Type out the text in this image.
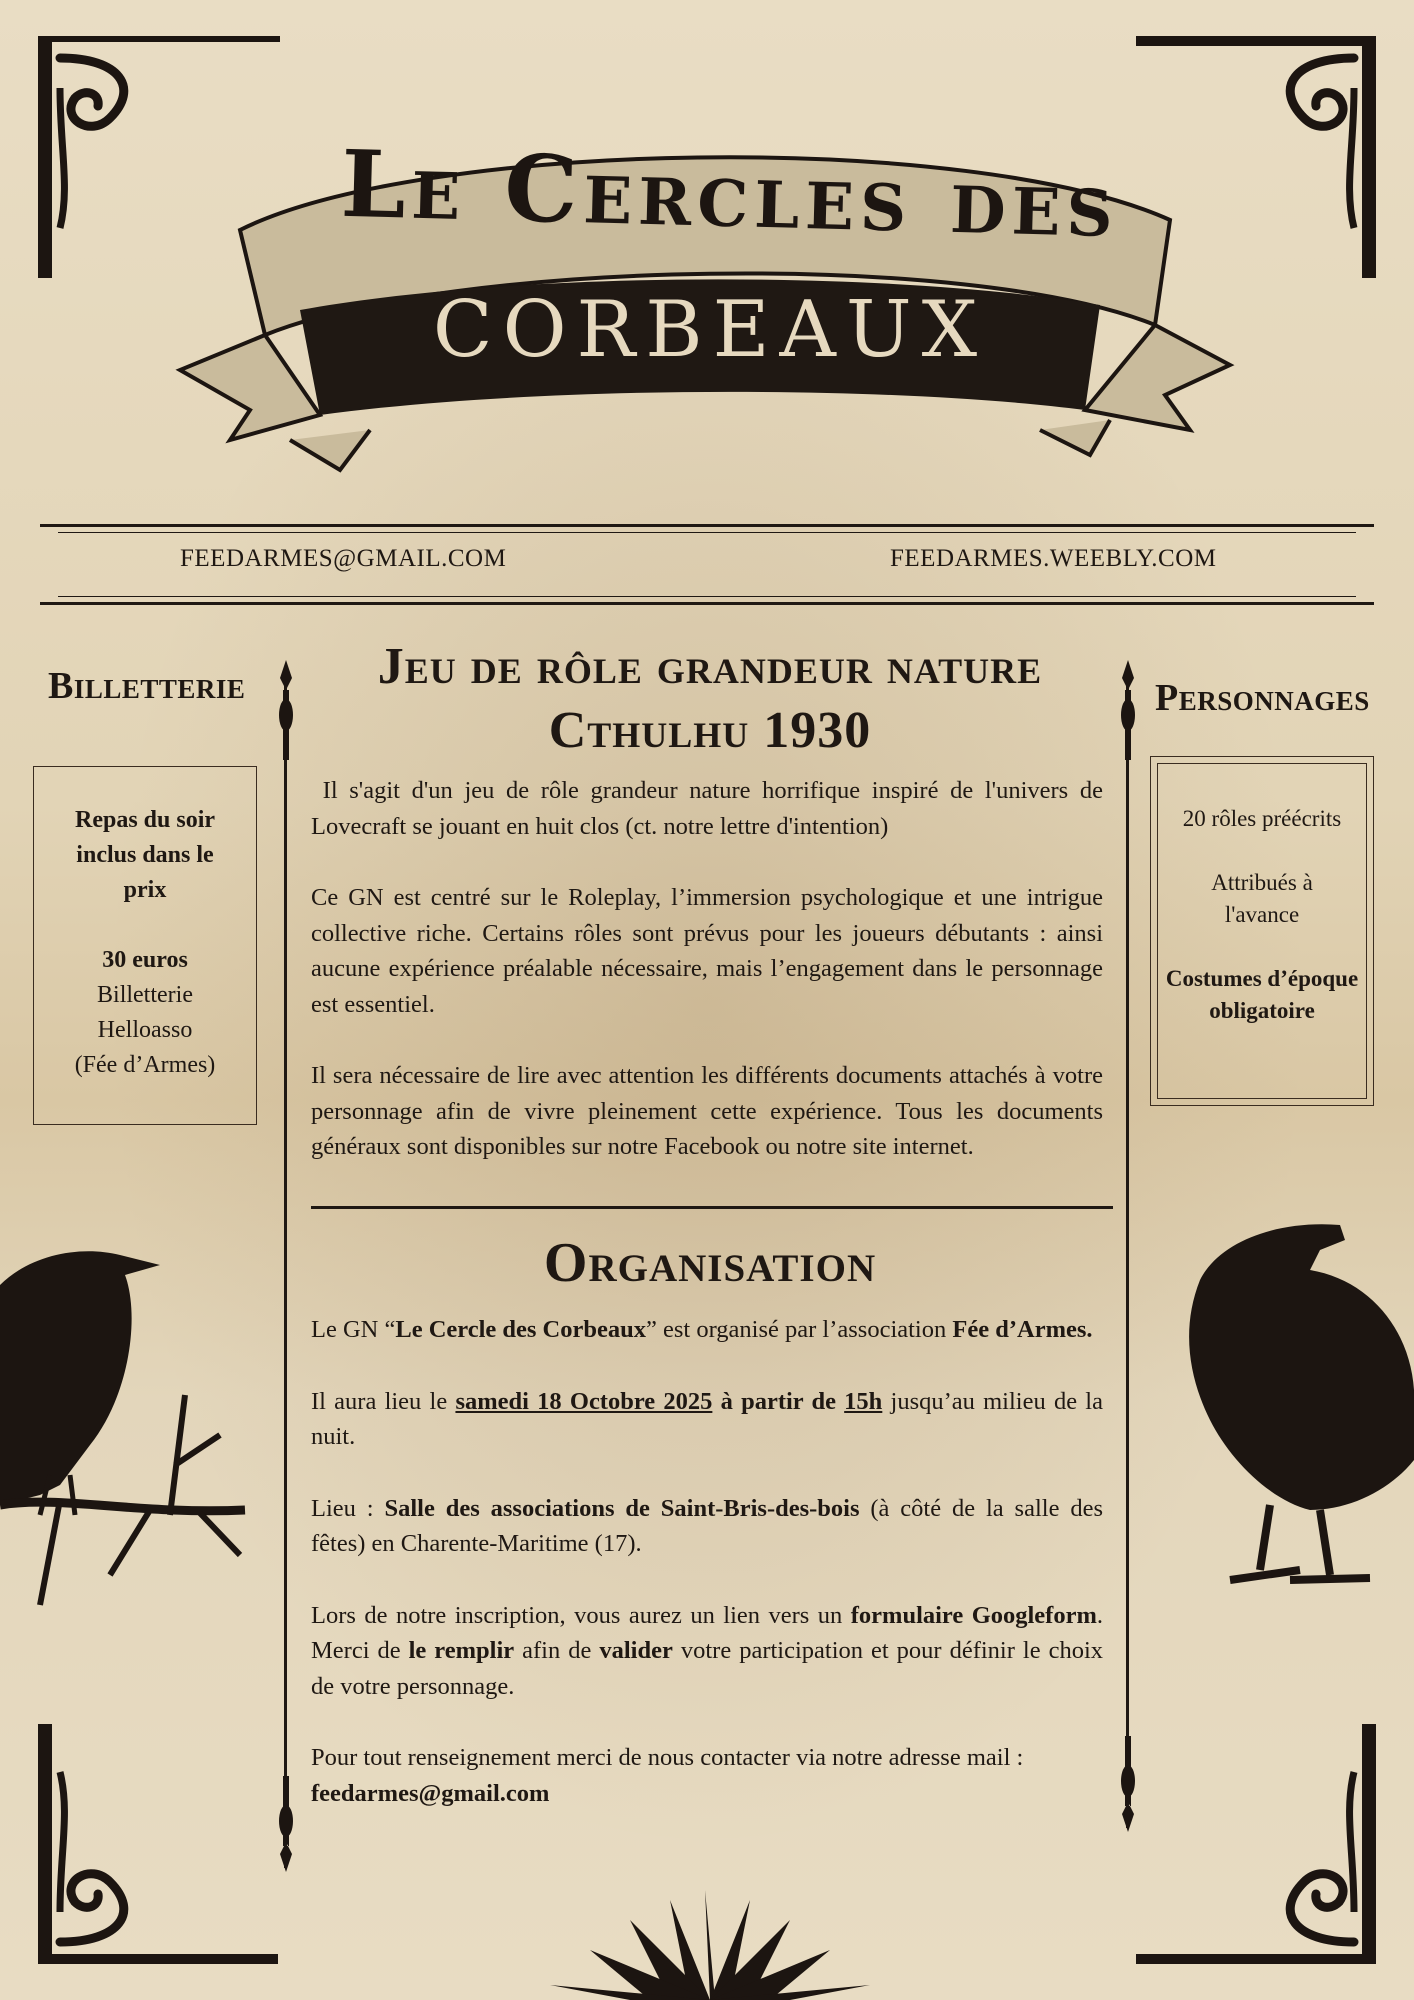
Le Cercles des
CORBEAUX
FEEDARMES@GMAIL.COM	FEEDARMES.WEEBLY.COM
Billetterie

Repas du soir inclus dans le prix

30 euros

Billetterie

Helloasso

(Fée d’Armes)

Personnages

20 rôles préécrits

Attribués à l'avance

Costumes d’époque obligatoire

Jeu de rôle grandeur nature
Cthulhu 1930

Il s'agit d'un jeu de rôle grandeur nature horrifique inspiré de l'univers de Lovecraft se jouant en huit clos (ct. notre lettre d'intention)

Ce GN est centré sur le Roleplay, l’immersion psychologique et une intrigue collective riche. Certains rôles sont prévus pour les joueurs débutants : ainsi aucune expérience préalable nécessaire, mais l’engagement dans le personnage est essentiel.

Il sera nécessaire de lire avec attention les différents documents attachés à votre personnage afin de vivre pleinement cette expérience. Tous les documents généraux sont disponibles sur notre Facebook ou notre site internet.

Organisation

Le GN “Le Cercle des Corbeaux” est organisé par l’association Fée d’Armes.

Il aura lieu le samedi 18 Octobre 2025 à partir de 15h jusqu’au milieu de la nuit.

Lieu : Salle des associations de Saint-Bris-des-bois (à côté de la salle des fêtes) en Charente-Maritime (17).

Lors de notre inscription, vous aurez un lien vers un formulaire Googleform. Merci de le remplir afin de valider votre participation et pour définir le choix de votre personnage.

Pour tout renseignement merci de nous contacter via notre adresse mail : feedarmes@gmail.com
